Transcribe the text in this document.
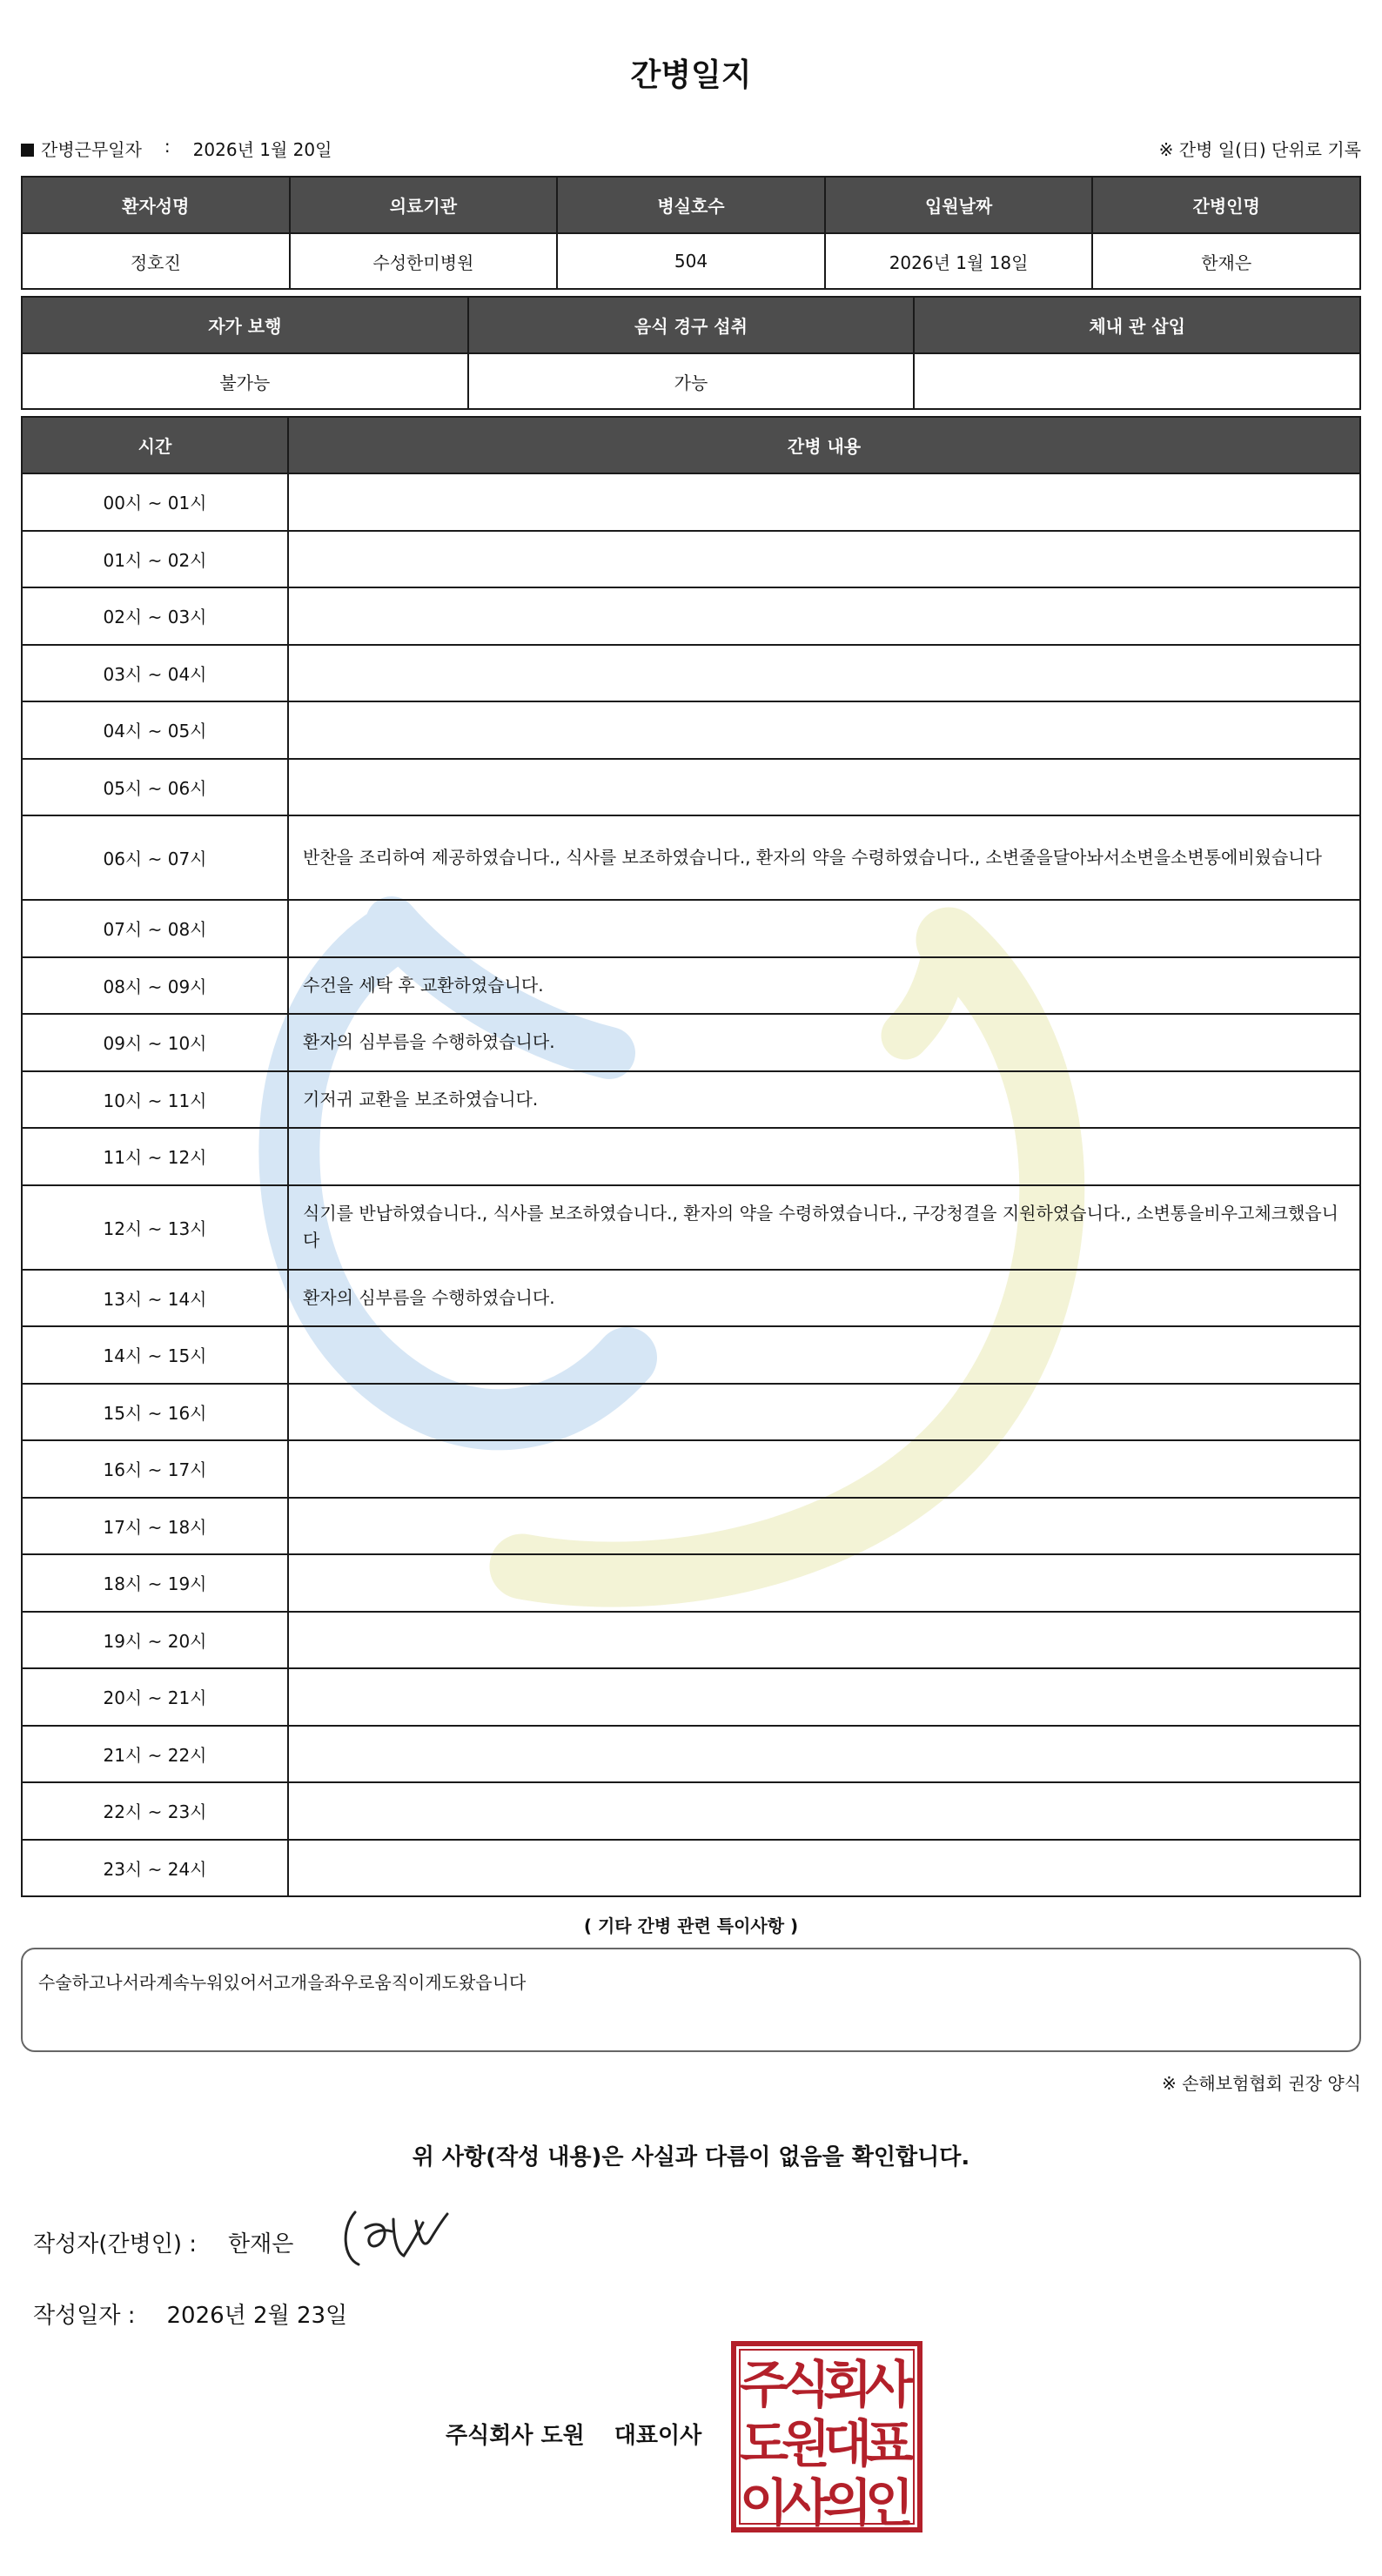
간병일지
간병근무일자 : 2026년 1월 20일	※ 간병 일(日) 단위로 기록
환자성명	의료기관	병실호수	입원날짜	간병인명
정호진	수성한미병원	504	2026년 1월 18일	한재은
자가 보행	음식 경구 섭취	체내 관 삽입
불가능	가능	
시간	간병 내용
00시 ~ 01시	
01시 ~ 02시	
02시 ~ 03시	
03시 ~ 04시	
04시 ~ 05시	
05시 ~ 06시	
06시 ~ 07시	반찬을 조리하여 제공하였습니다., 식사를 보조하였습니다., 환자의 약을 수령하였습니다., 소변줄을달아놔서소변을소변통에비웠습니다
07시 ~ 08시	
08시 ~ 09시	수건을 세탁 후 교환하였습니다.
09시 ~ 10시	환자의 심부름을 수행하였습니다.
10시 ~ 11시	기저귀 교환을 보조하였습니다.
11시 ~ 12시	
12시 ~ 13시	식기를 반납하였습니다., 식사를 보조하였습니다., 환자의 약을 수령하였습니다., 구강청결을 지원하였습니다., 소변통을비우고체크했읍니다
13시 ~ 14시	환자의 심부름을 수행하였습니다.
14시 ~ 15시	
15시 ~ 16시	
16시 ~ 17시	
17시 ~ 18시	
18시 ~ 19시	
19시 ~ 20시	
20시 ~ 21시	
21시 ~ 22시	
22시 ~ 23시	
23시 ~ 24시	
( 기타 간병 관련 특이사항 )
수술하고나서라계속누워있어서고개을좌우로움직이게도왔읍니다
※ 손해보험협회 권장 양식
위 사항(작성 내용)은 사실과 다름이 없음을 확인합니다.
작성자(간병인) : 한재은
작성일자 : 2026년 2월 23일
주식회사 도원 대표이사
주
식
회
사
도
원
대
표
이
사
의
인
